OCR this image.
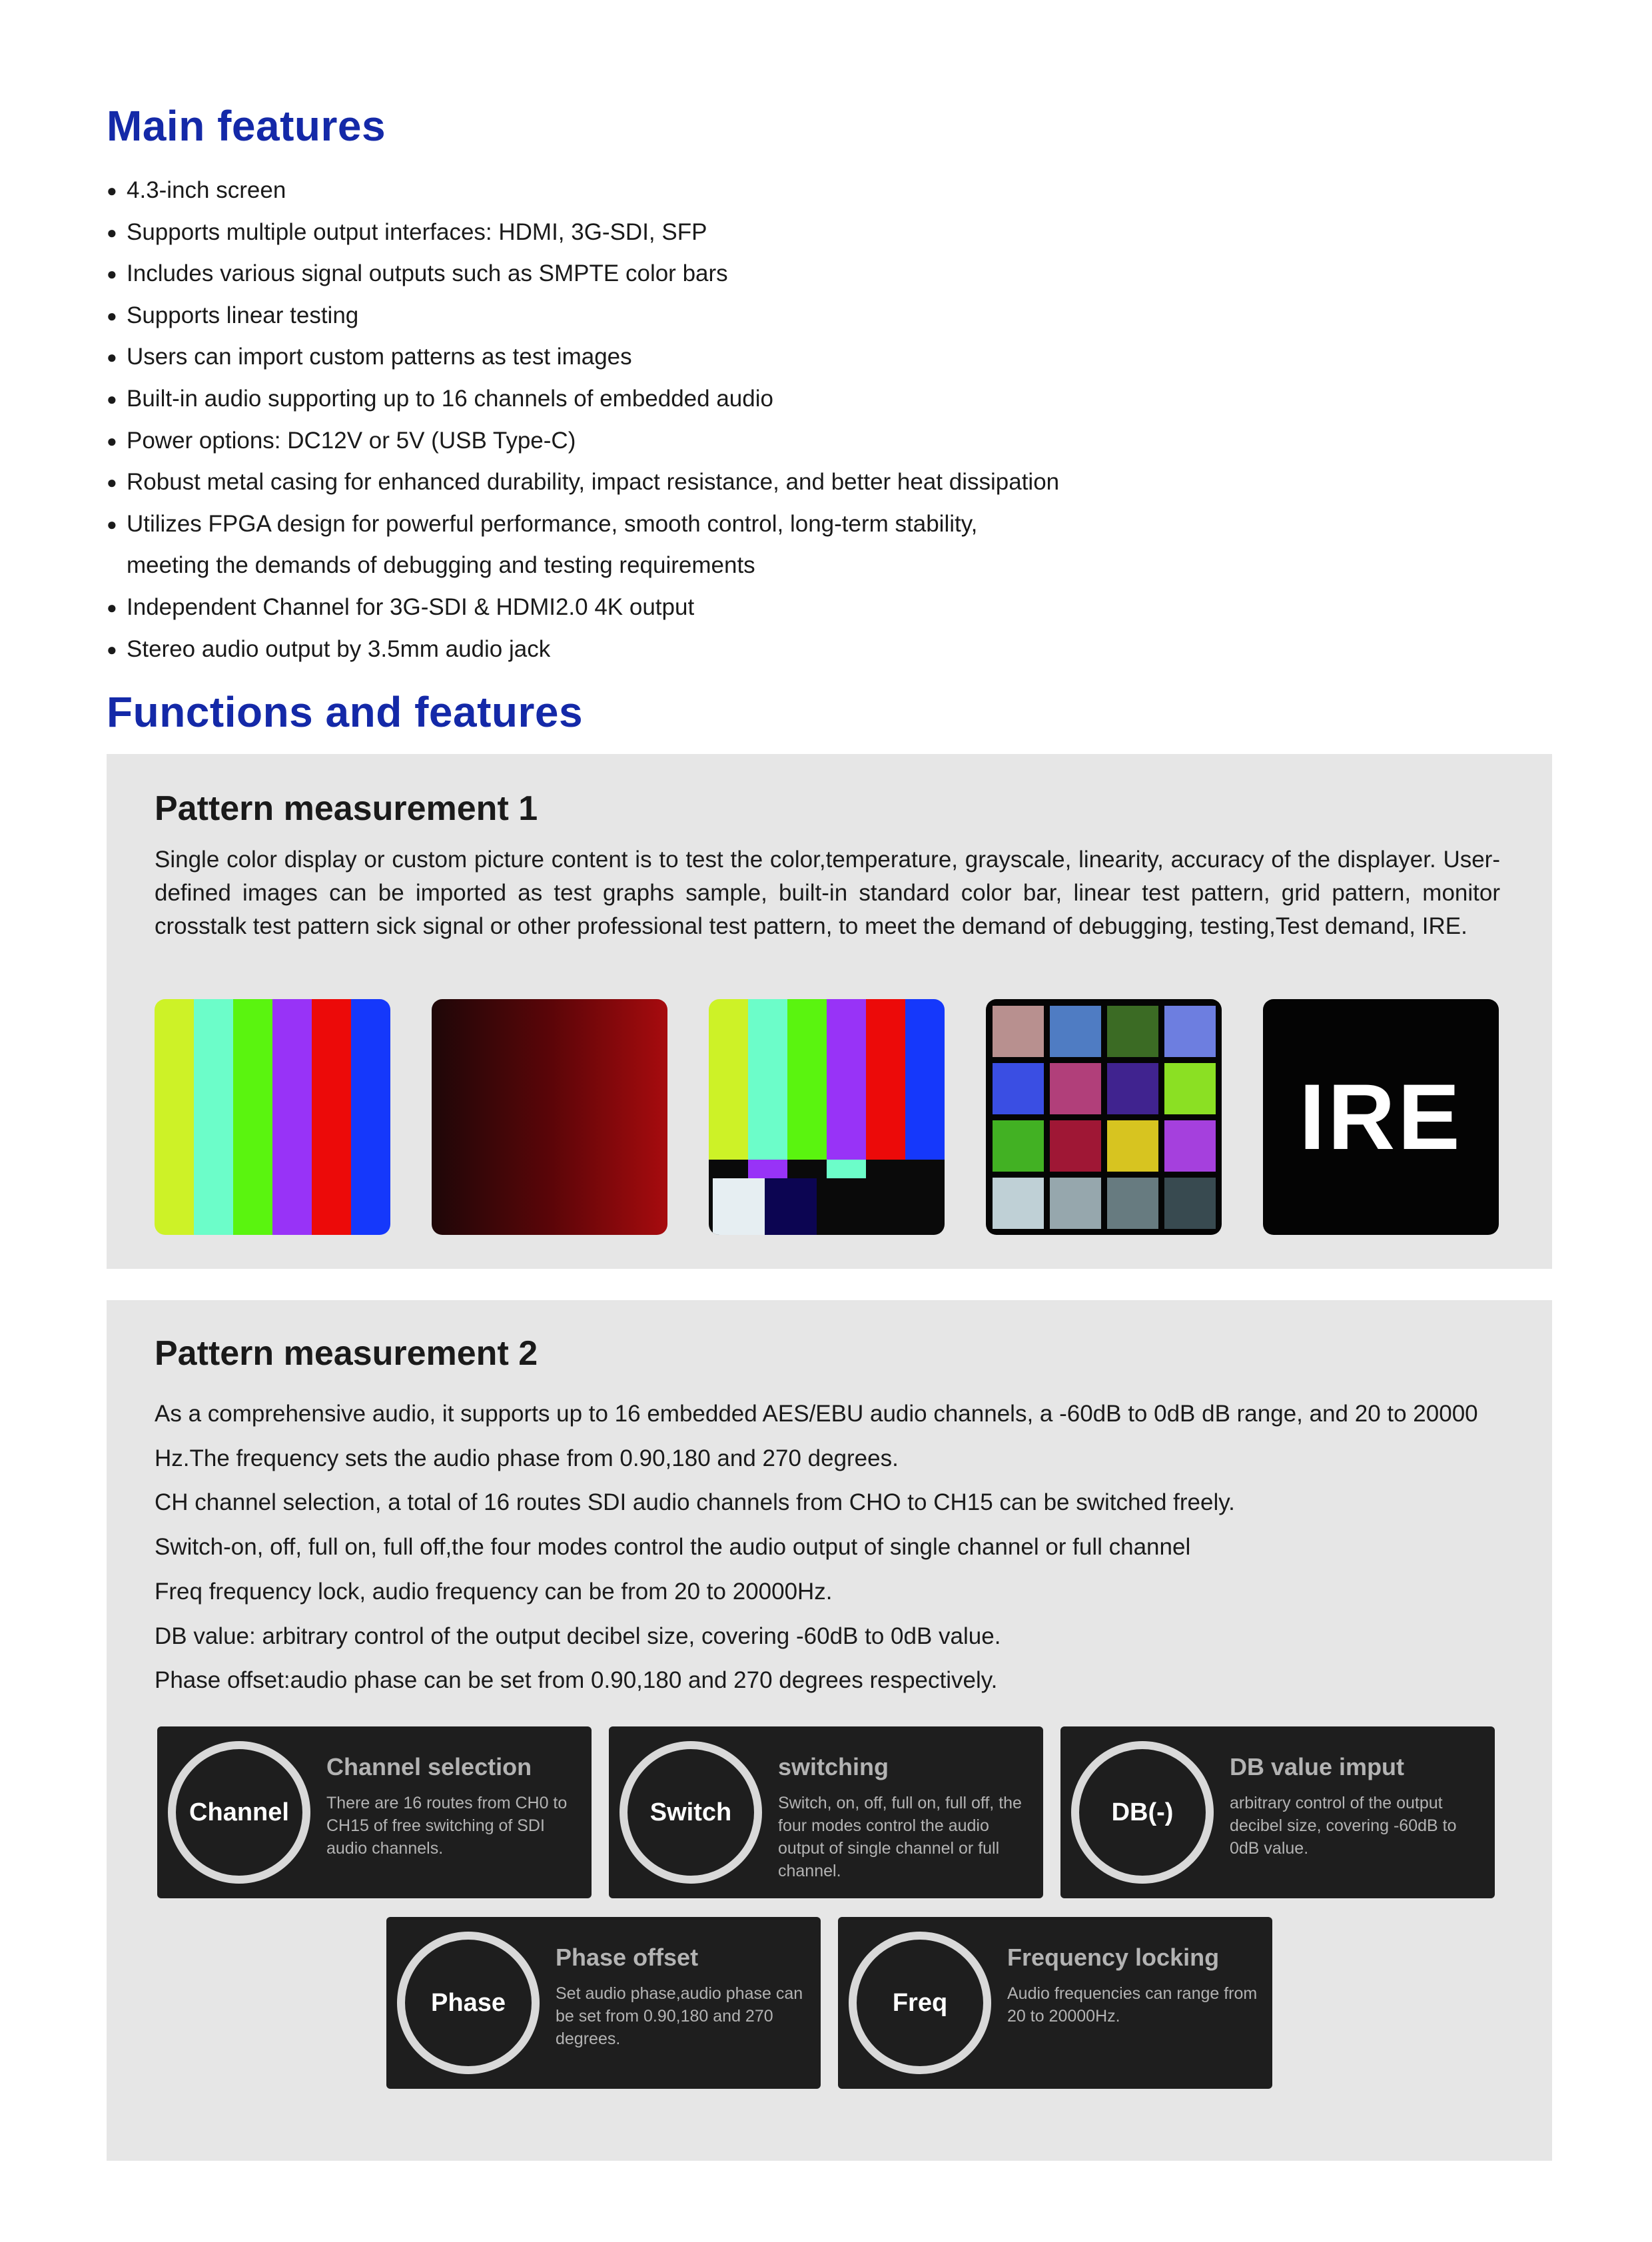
Main features
● 4.3-inch screen
● Supports multiple output interfaces: HDMI, 3G-SDI, SFP
● Includes various signal outputs such as SMPTE color bars
● Supports linear testing
● Users can import custom patterns as test images
● Built-in audio supporting up to 16 channels of embedded audio
● Power options: DC12V or 5V (USB Type-C)
● Robust metal casing for enhanced durability, impact resistance, and better heat dissipation
● Utilizes FPGA design for powerful performance, smooth control, long-term stability,
meeting the demands of debugging and testing requirements
● Independent Channel for 3G-SDI & HDMI2.0 4K output
● Stereo audio output by 3.5mm audio jack
Functions and features
Pattern measurement 1
Single color display or custom picture content is to test the color,temperature, grayscale, linearity, accuracy of the displayer. User-defined images can be imported as test graphs sample, built-in standard color bar, linear test pattern, grid pattern, monitor crosstalk test pattern sick signal or other professional test pattern, to meet the demand of debugging, testing,Test demand, IRE.
IRE
Pattern measurement 2

As a comprehensive audio, it supports up to 16 embedded AES/EBU audio channels, a -60dB to 0dB dB range, and 20 to 20000

Hz.The frequency sets the audio phase from 0.90,180 and 270 degrees.

CH channel selection, a total of 16 routes SDI audio channels from CHO to CH15 can be switched freely.

Switch-on, off, full on, full off,the four modes control the audio output of single channel or full channel

Freq frequency lock, audio frequency can be from 20 to 20000Hz.

DB value: arbitrary control of the output decibel size, covering -60dB to 0dB value.

Phase offset:audio phase can be set from 0.90,180 and 270 degrees respectively.

Channel
Channel selection
There are 16 routes from CH0 to CH15 of free switching of SDI audio channels.
Switch
switching
Switch, on, off, full on, full off, the four modes control the audio output of single channel or full channel.
DB(-)
DB value imput
arbitrary control of the output decibel size, covering -60dB to 0dB value.
Phase
Phase offset
Set audio phase,audio phase can be set from 0.90,180 and 270 degrees.
Freq
Frequency locking
Audio frequencies can range from 20 to 20000Hz.
